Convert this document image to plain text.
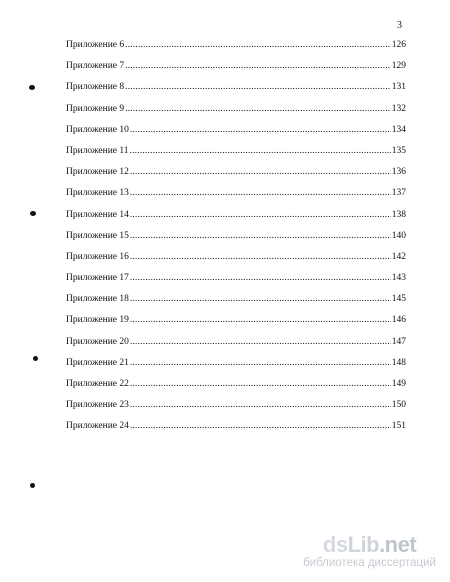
3
Приложение 6 .....	126
Приложение 7 .....	129
Приложение 8 .....	131
Приложение 9 .....	132
Приложение 10 .....	134
Приложение 11 .....	135
Приложение 12 .....	136
Приложение 13 .....	137
Приложение 14 .....	138
Приложение 15 .....	140
Приложение 16 .....	142
Приложение 17 .....	143
Приложение 18 .....	145
Приложение 19 .....	146
Приложение 20 .....	147
Приложение 21 .....	148
Приложение 22 .....	149
Приложение 23 .....	150
Приложение 24 .....	151
dsLib.net
библиотека диссертаций
